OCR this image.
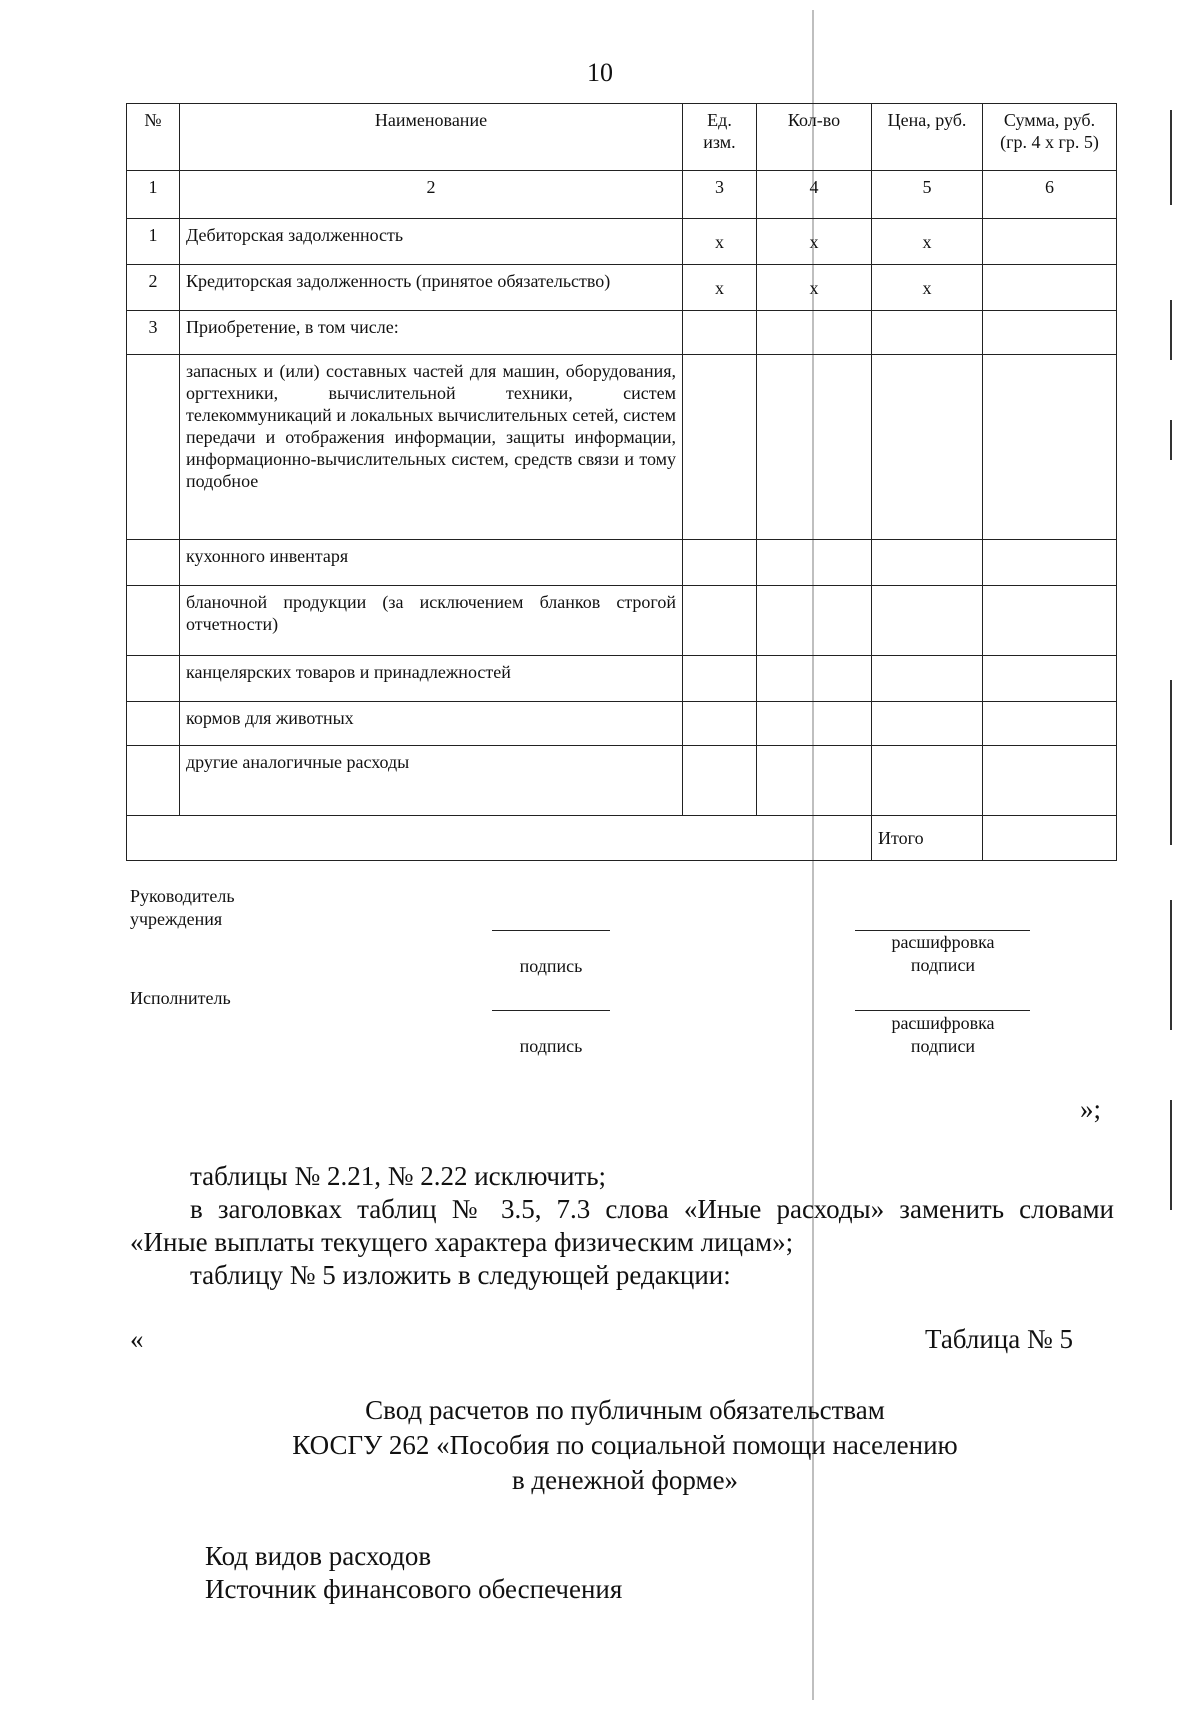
10
№	Наименование	Ед. изм.	Кол-во	Цена, руб.	Сумма, руб. (гр. 4 х гр. 5)
1	2	3	4	5	6
1	Дебиторская задолженность	х	х	х	
2	Кредиторская задолженность (принятое обязательство)	х	х	х	
3	Приобретение, в том числе:				
	запасных и (или) составных частей для машин, оборудования, оргтехники, вычислительной техники, систем телекоммуникаций и локальных вычислительных сетей, систем передачи и отображения информации, защиты информации, информационно-вычислительных систем, средств связи и тому подобное				
	кухонного инвентаря				
	бланочной продукции (за исключением бланков строгой отчетности)				
	канцелярских товаров и принадлежностей				
	кормов для животных				
	другие аналогичные расходы				
				Итого	
Руководитель учреждения
подпись
расшифровка подписи
Исполнитель
подпись
расшифровка подписи
»;
таблицы № 2.21, № 2.22 исключить;
в заголовках таблиц № 3.5, 7.3 слова «Иные расходы» заменить словами
«Иные выплаты текущего характера физическим лицам»;
таблицу № 5 изложить в следующей редакции:
«	Таблица № 5
Свод расчетов по публичным обязательствам
КОСГУ 262 «Пособия по социальной помощи населению
в денежной форме»
Код видов расходов
Источник финансового обеспечения
